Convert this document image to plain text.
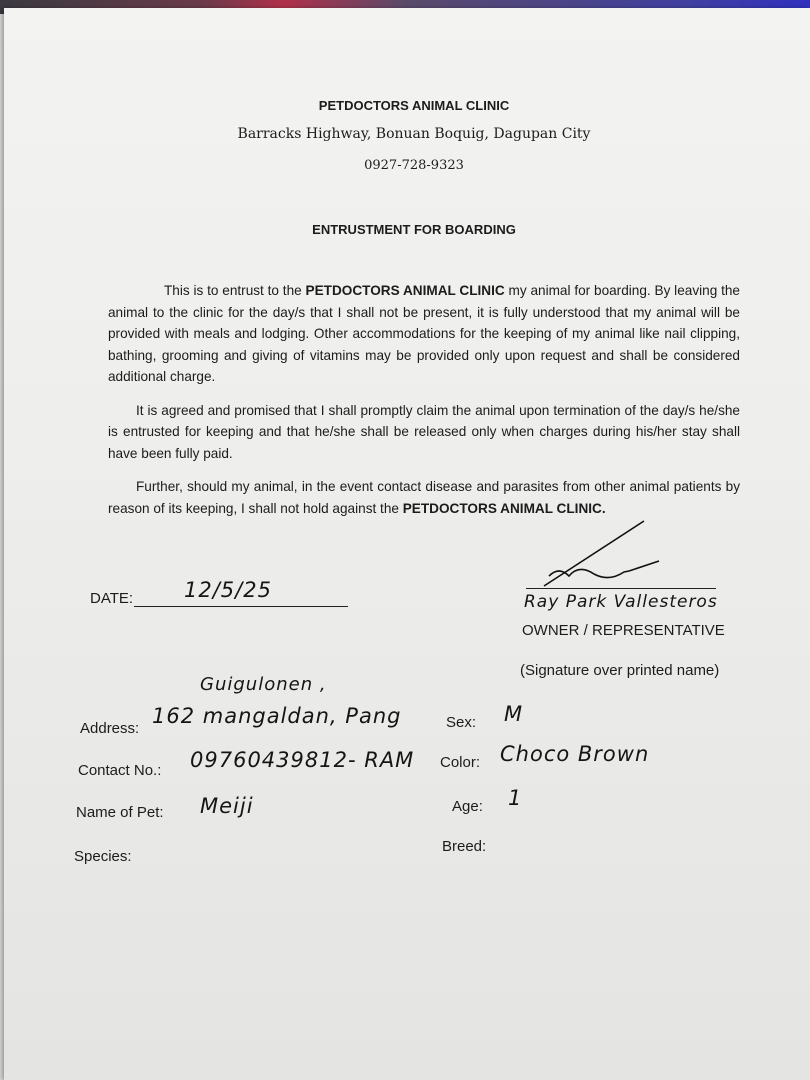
PETDOCTORS ANIMAL CLINIC
Barracks Highway, Bonuan Boquig, Dagupan City
0927-728-9323
ENTRUSTMENT FOR BOARDING

This is to entrust to the PETDOCTORS ANIMAL CLINIC my animal for boarding. By leaving the animal to the clinic for the day/s that I shall not be present, it is fully understood that my animal will be provided with meals and lodging. Other accommodations for the keeping of my animal like nail clipping, bathing, grooming and giving of vitamins may be provided only upon request and shall be considered additional charge.

It is agreed and promised that I shall promptly claim the animal upon termination of the day/s he/she is entrusted for keeping and that he/she shall be released only when charges during his/her stay shall have been fully paid.

Further, should my animal, in the event contact disease and parasites from other animal patients by reason of its keeping, I shall not hold against the PETDOCTORS ANIMAL CLINIC.

DATE: 12/5/25	Ray Park Vallesteros
OWNER / REPRESENTATIVE
(Signature over printed name)
Address:
Guigulonen ,
162 mangaldan, Pang
Contact No.: 09760439812- RAM
Name of Pet: Meiji
Species:
Sex: M
Color: Choco Brown
Age: 1
Breed:
